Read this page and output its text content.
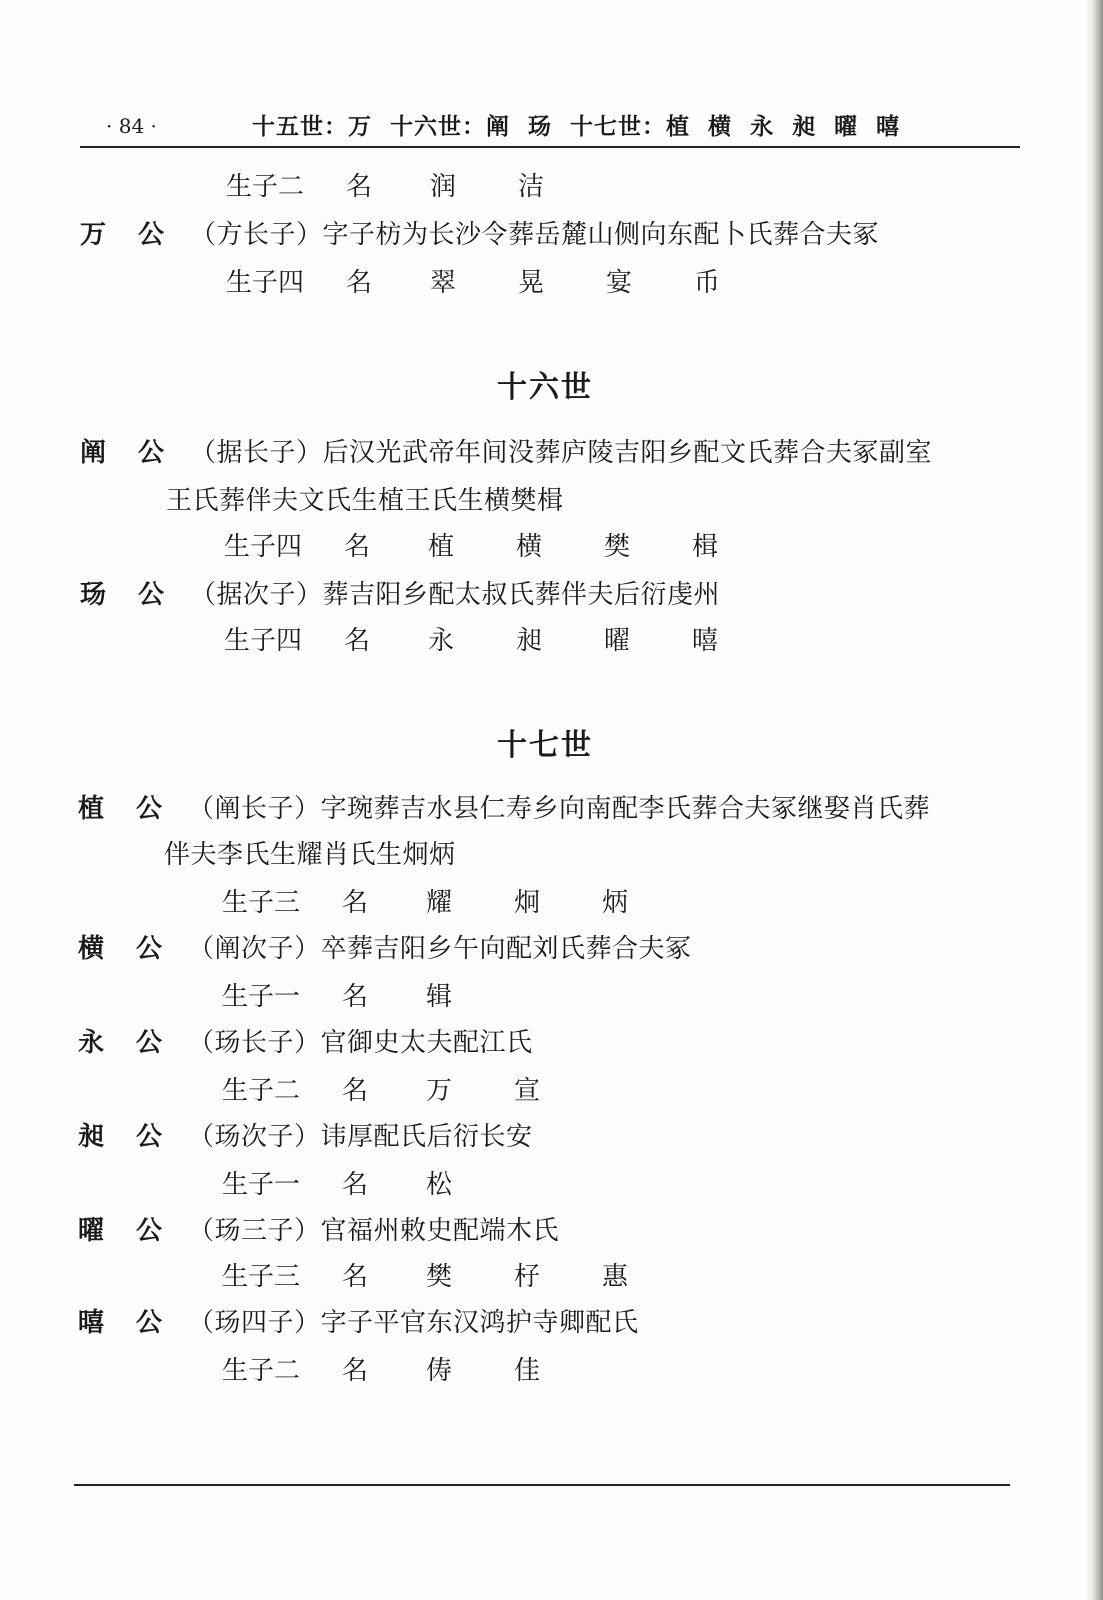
· 84 ·	十五世：万  十六世：阐  玚  十七世：植  横  永  昶  曜  暿
生子二 名 润 洁
万 公 （方长子）字子枋为长沙令葬岳麓山侧向东配卜氏葬合夫冢
生子四 名 翠 晃 宴 币
十六世
阐 公 （据长子）后汉光武帝年间没葬庐陵吉阳乡配文氏葬合夫冢副室
王氏葬伴夫文氏生植王氏生横樊楫
生子四 名 植 横 樊 楫
玚 公 （据次子）葬吉阳乡配太叔氏葬伴夫后衍虔州
生子四 名 永 昶 曜 暿
十七世
植 公 （阐长子）字琬葬吉水县仁寿乡向南配李氏葬合夫冢继娶肖氏葬
伴夫李氏生耀肖氏生炯炳
生子三 名 耀 炯 炳
横 公 （阐次子）卒葬吉阳乡午向配刘氏葬合夫冢
生子一 名 辑
永 公 （玚长子）官御史太夫配江氏
生子二 名 万 宣
昶 公 （玚次子）讳厚配氏后衍长安
生子一 名 松
曜 公 （玚三子）官福州敕史配端木氏
生子三 名 樊 杍 惠
暿 公 （玚四子）字子平官东汉鸿护寺卿配氏
生子二 名 俦 佳
